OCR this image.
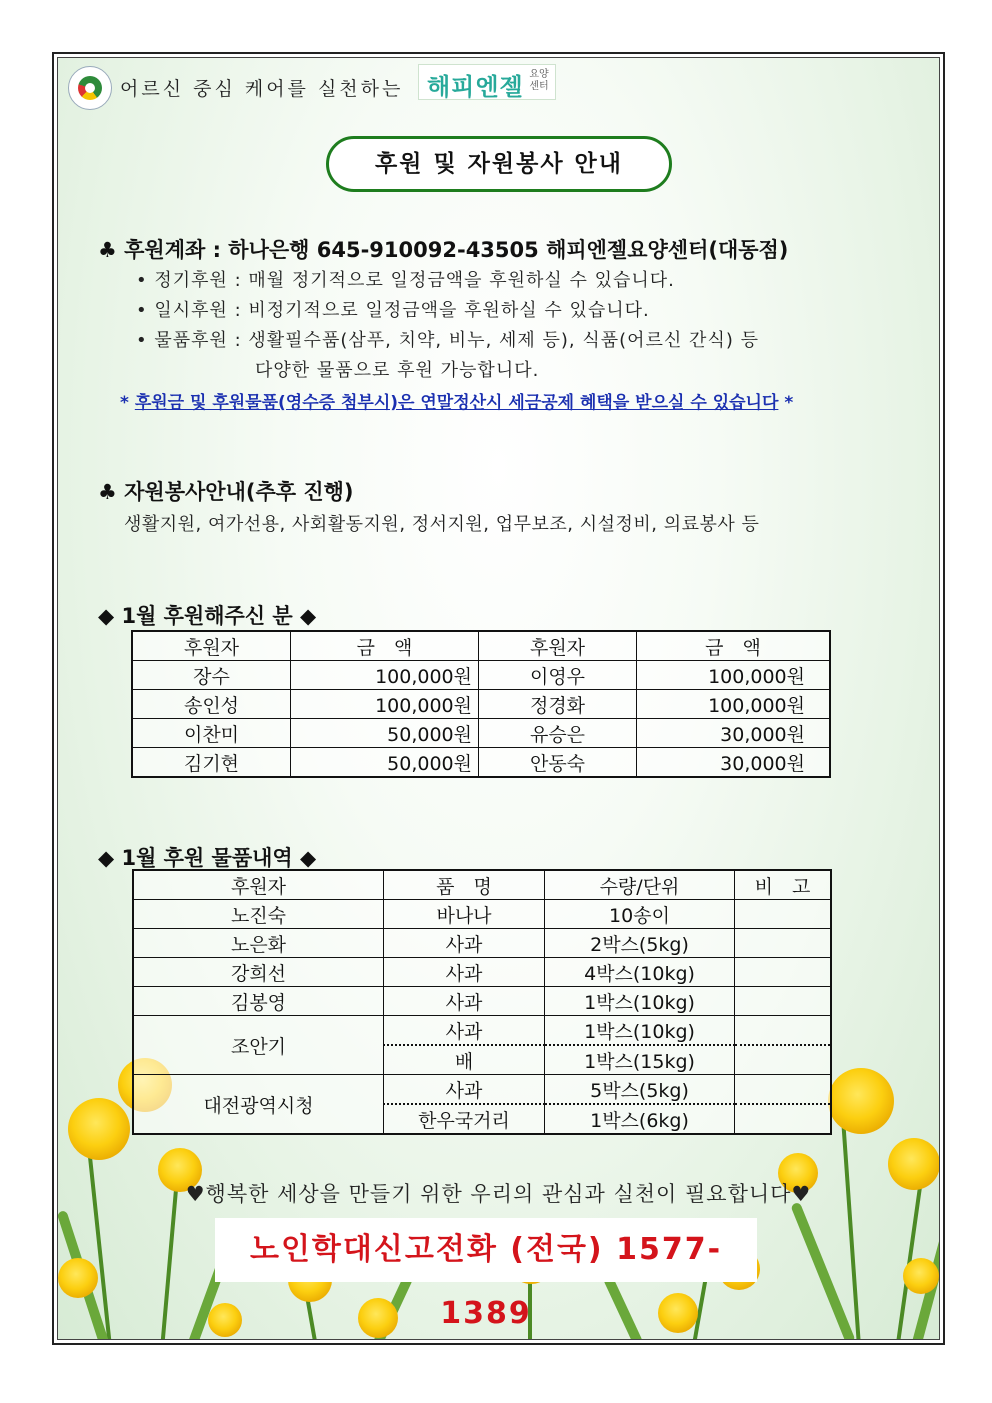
어르신 중심 케어를 실천하는 해피엔젤 요양 센터
후원 및 자원봉사 안내
♣ 후원계좌 : 하나은행 645-910092-43505 해피엔젤요양센터(대동점)
• 정기후원 : 매월 정기적으로 일정금액을 후원하실 수 있습니다.
• 일시후원 : 비정기적으로 일정금액을 후원하실 수 있습니다.
• 물품후원 : 생활필수품(삼푸, 치약, 비누, 세제 등), 식품(어르신 간식) 등
다양한 물품으로 후원 가능합니다.
* 후원금 및 후원물품(영수증 첨부시)은 연말정산시 세금공제 혜택을 받으실 수 있습니다 *
♣ 자원봉사안내(추후 진행)
생활지원, 여가선용, 사회활동지원, 정서지원, 업무보조, 시설정비, 의료봉사 등
◆ 1월 후원해주신 분 ◆
후원자	금　액	후원자	금　액
장수	100,000원	이영우	100,000원
송인성	100,000원	정경화	100,000원
이찬미	50,000원	유승은	30,000원
김기현	50,000원	안동숙	30,000원
◆ 1월 후원 물품내역 ◆
후원자	품　명	수량/단위	비　고
노진숙	바나나	10송이	
노은화	사과	2박스(5kg)	
강희선	사과	4박스(10kg)	
김봉영	사과	1박스(10kg)	
조안기	사과	1박스(10kg)	
	배	1박스(15kg)	
대전광역시청	사과	5박스(5kg)	
	한우국거리	1박스(6kg)	
♥행복한 세상을 만들기 위한 우리의 관심과 실천이 필요합니다♥
노인학대신고전화 (전국) 1577-1389
